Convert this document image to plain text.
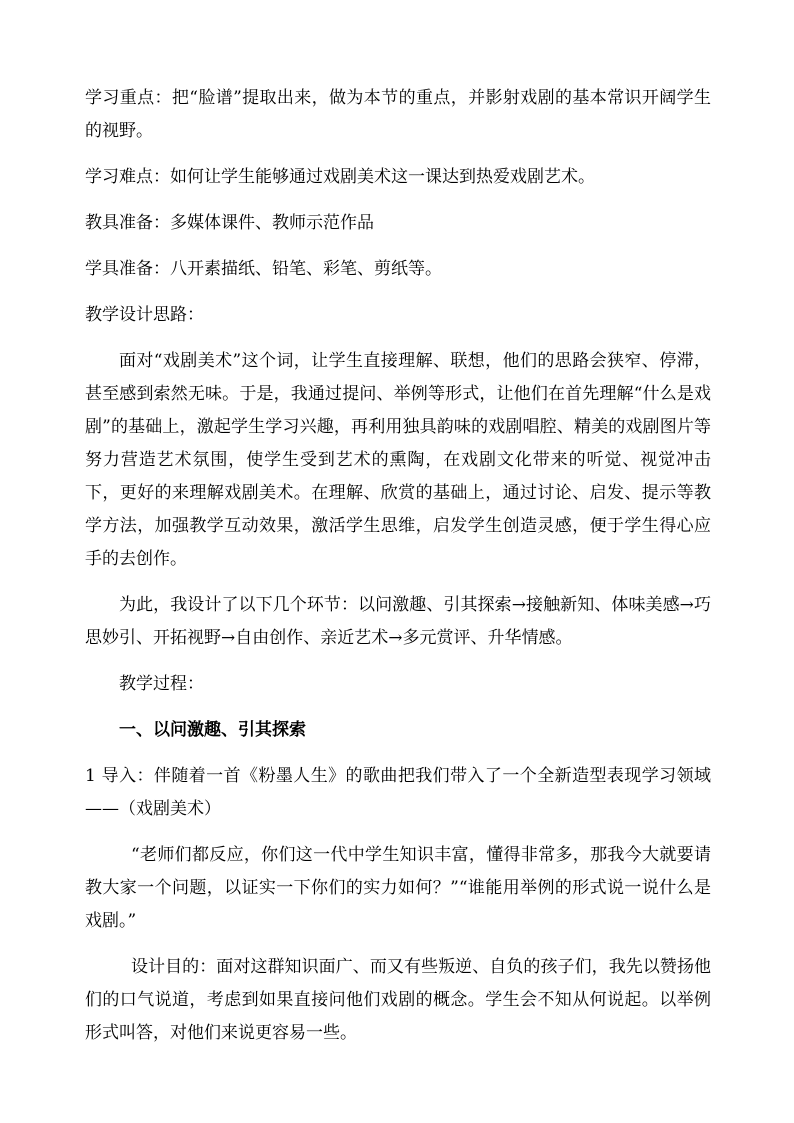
学习重点：把“脸谱”提取出来，做为本节的重点，并影射戏剧的基本常识开阔学生的视野。

学习难点：如何让学生能够通过戏剧美术这一课达到热爱戏剧艺术。

教具准备：多媒体课件、教师示范作品

学具准备：八开素描纸、铅笔、彩笔、剪纸等。

教学设计思路：

面对“戏剧美术”这个词，让学生直接理解、联想，他们的思路会狭窄、停滞，甚至感到索然无味。于是，我通过提问、举例等形式，让他们在首先理解“什么是戏剧”的基础上，激起学生学习兴趣，再利用独具韵味的戏剧唱腔、精美的戏剧图片等努力营造艺术氛围，使学生受到艺术的熏陶，在戏剧文化带来的听觉、视觉冲击下，更好的来理解戏剧美术。在理解、欣赏的基础上，通过讨论、启发、提示等教学方法，加强教学互动效果，激活学生思维，启发学生创造灵感，便于学生得心应手的去创作。

为此，我设计了以下几个环节：以问激趣、引其探索→接触新知、体味美感→巧思妙引、开拓视野→自由创作、亲近艺术→多元赏评、升华情感。

教学过程：

一、以问激趣、引其探索

1 导入：伴随着一首《粉墨人生》的歌曲把我们带入了一个全新造型表现学习领域——（戏剧美术）

“老师们都反应，你们这一代中学生知识丰富，懂得非常多，那我今大就要请教大家一个问题，以证实一下你们的实力如何？”“谁能用举例的形式说一说什么是戏剧。”

设计目的：面对这群知识面广、而又有些叛逆、自负的孩子们，我先以赞扬他们的口气说道，考虑到如果直接问他们戏剧的概念。学生会不知从何说起。以举例形式叫答，对他们来说更容易一些。
